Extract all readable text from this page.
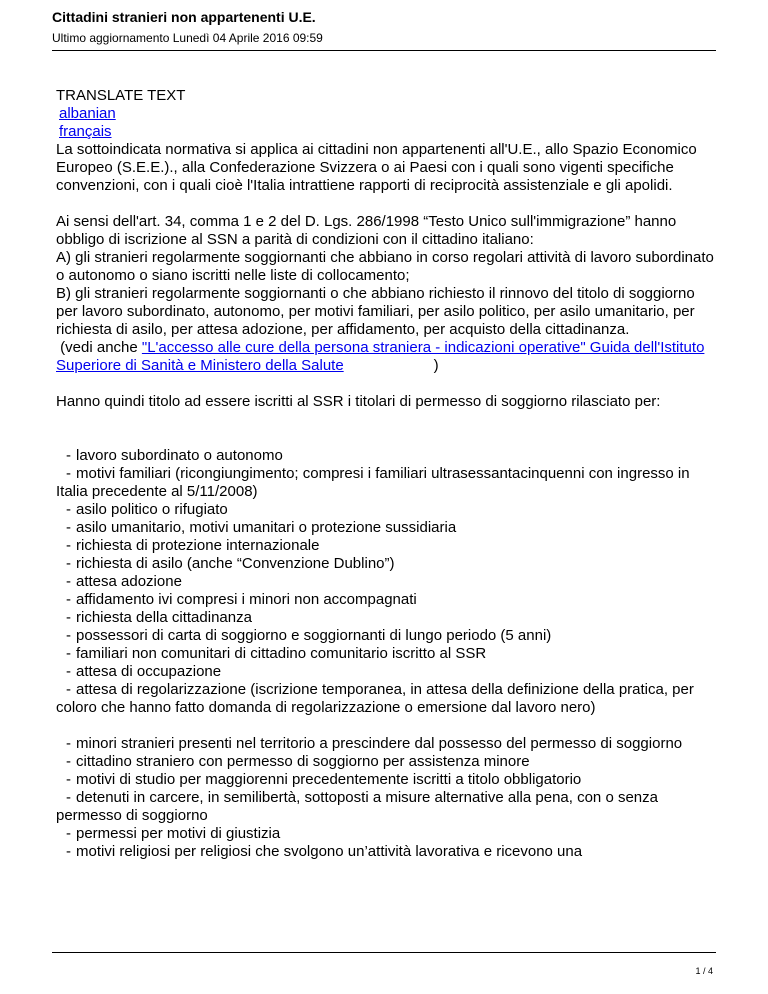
Cittadini stranieri non appartenenti U.E.
Ultimo aggiornamento Lunedì 04 Aprile 2016 09:59

TRANSLATE TEXT

albanian
français

La sottoindicata normativa si applica ai cittadini non appartenenti all'U.E., allo Spazio Economico Europeo (S.E.E.)., alla Confederazione Svizzera o ai Paesi con i quali sono vigenti specifiche convenzioni, con i quali cioè l'Italia intrattiene rapporti di reciprocità assistenziale e gli apolidi.

Ai sensi dell'art. 34, comma 1 e 2 del D. Lgs. 286/1998 “Testo Unico sull'immigrazione” hanno obbligo di iscrizione al SSN a parità di condizioni con il cittadino italiano:

A) gli stranieri regolarmente soggiornanti che abbiano in corso regolari attività di lavoro subordinato o autonomo o siano iscritti nelle liste di collocamento;

B) gli stranieri regolarmente soggiornanti o che abbiano richiesto il rinnovo del titolo di soggiorno per lavoro subordinato, autonomo, per motivi familiari, per asilo politico, per asilo umanitario, per richiesta di asilo, per attesa adozione, per affidamento, per acquisto della cittadinanza.

(vedi anche "L'accesso alle cure della persona straniera - indicazioni operative" Guida dell'Istituto Superiore di Sanità e Ministero della Salute	)

Hanno quindi titolo ad essere iscritti al SSR i titolari di permesso di soggiorno rilasciato per:

- lavoro subordinato o autonomo
- motivi familiari (ricongiungimento; compresi i familiari ultrasessantacinquenni con ingresso in Italia precedente al 5/11/2008)
- asilo politico o rifugiato
- asilo umanitario, motivi umanitari o protezione sussidiaria
- richiesta di protezione internazionale
- richiesta di asilo (anche “Convenzione Dublino”)
- attesa adozione
- affidamento ivi compresi i minori non accompagnati
- richiesta della cittadinanza
- possessori di carta di soggiorno e soggiornanti di lungo periodo (5 anni)
- familiari non comunitari di cittadino comunitario iscritto al SSR
- attesa di occupazione
- attesa di regolarizzazione (iscrizione temporanea, in attesa della definizione della pratica, per coloro che hanno fatto domanda di regolarizzazione o emersione dal lavoro nero)
- minori stranieri presenti nel territorio a prescindere dal possesso del permesso di soggiorno
- cittadino straniero con permesso di soggiorno per assistenza minore
- motivi di studio per maggiorenni precedentemente iscritti a titolo obbligatorio
- detenuti in carcere, in semilibertà, sottoposti a misure alternative alla pena, con o senza permesso di soggiorno
- permessi per motivi di giustizia
- motivi religiosi per religiosi che svolgono un’attività lavorativa e ricevono una
1 / 4
